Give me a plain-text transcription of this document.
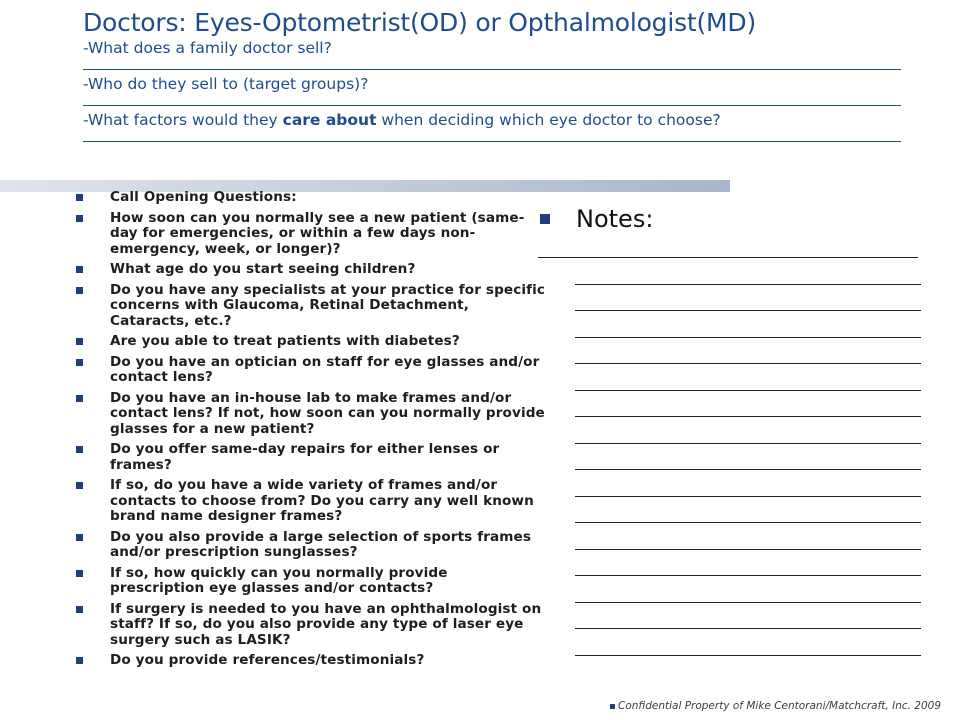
Doctors: Eyes-Optometrist(OD) or Opthalmologist(MD)
-What does a family doctor sell?
-Who do they sell to (target groups)?
-What factors would they care about when deciding which eye doctor to choose?
Call Opening Questions:
How soon can you normally see a new patient (same-day for emergencies, or within a few days non-emergency, week, or longer)?
What age do you start seeing children?
Do you have any specialists at your practice for specific concerns with Glaucoma, Retinal Detachment, Cataracts, etc.?
Are you able to treat patients with diabetes?
Do you have an optician on staff for eye glasses and/or contact lens?
Do you have an in-house lab to make frames and/or contact lens? If not, how soon can you normally provide glasses for a new patient?
Do you offer same-day repairs for either lenses or frames?
If so, do you have a wide variety of frames and/or contacts to choose from? Do you carry any well known brand name designer frames?
Do you also provide a large selection of sports frames and/or prescription sunglasses?
If so, how quickly can you normally provide prescription eye glasses and/or contacts?
If surgery is needed to you have an ophthalmologist on staff? If so, do you also provide any type of laser eye surgery such as LASIK?
Do you provide references/testimonials?
Notes:
Confidential Property of Mike Centorani/Matchcraft, Inc. 2009
